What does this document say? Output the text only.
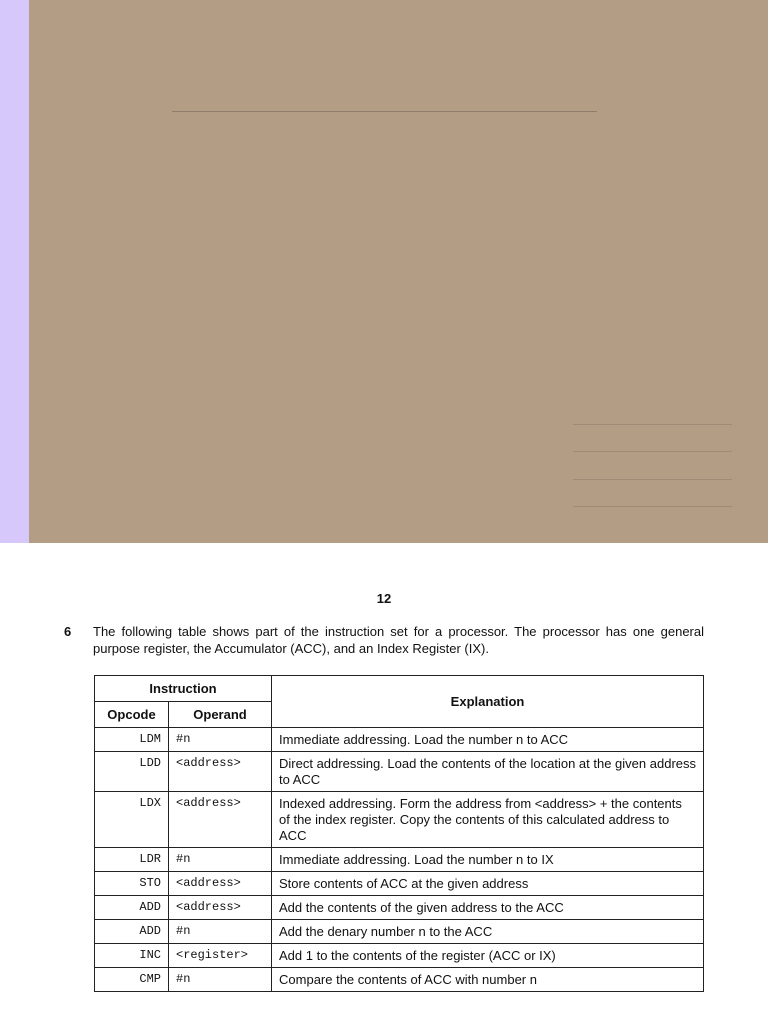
12
6 The following table shows part of the instruction set for a processor. The processor has one general purpose register, the Accumulator (ACC), and an Index Register (IX).
Instruction		Explanation
Opcode	Operand	
LDM	#n	Immediate addressing. Load the number n to ACC
LDD	<address>	Direct addressing. Load the contents of the location at the given address to ACC
LDX	<address>	Indexed addressing. Form the address from <address> + the contents of the index register. Copy the contents of this calculated address to ACC
LDR	#n	Immediate addressing. Load the number n to IX
STO	<address>	Store contents of ACC at the given address
ADD	<address>	Add the contents of the given address to the ACC
ADD	#n	Add the denary number n to the ACC
INC	<register>	Add 1 to the contents of the register (ACC or IX)
CMP	#n	Compare the contents of ACC with number n
